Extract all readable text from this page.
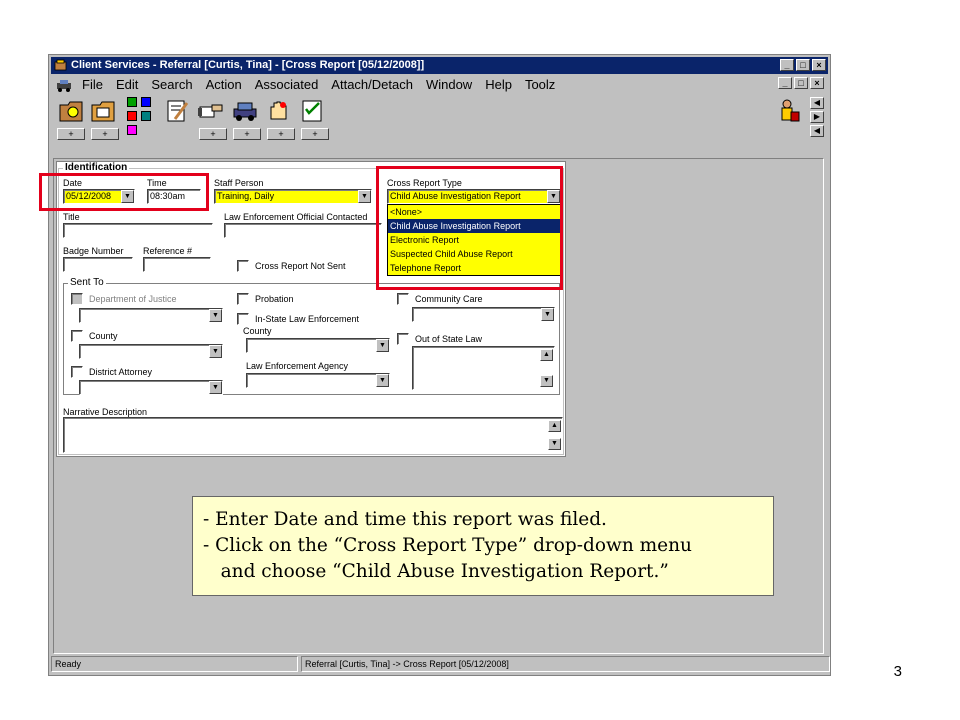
Client Services - Referral [Curtis, Tina] - [Cross Report [05/12/2008]]	_	□	×
File	Edit	Search	Action	Associated	Attach/Detach	Window	Help	Toolz	_	□	×
+	+	+	+	+	+
◀
▶
◀
Identification
Date
05/12/2008	▼
Time
08:30am
Staff Person
Training, Daily	▼
Cross Report Type
Child Abuse Investigation Report	▼
Title	Law Enforcement Official Contacted
Badge Number Reference #
Cross Report Not Sent
Sent To
Department of Justice
▼
County
▼
District Attorney
▼
Probation
In-State Law Enforcement
County
▼
Law Enforcement Agency
▼
Community Care
▼
Out of State Law
▲
▼
Narrative Description
▲
▼
<None>
Child Abuse Investigation Report
Electronic Report
Suspected Child Abuse Report
Telephone Report
Ready	Referral [Curtis, Tina] -> Cross Report [05/12/2008]
- Enter Date and time this report was filed.
- Click on the “Cross Report Type” drop-down menu
and choose “Child Abuse Investigation Report.”
3
